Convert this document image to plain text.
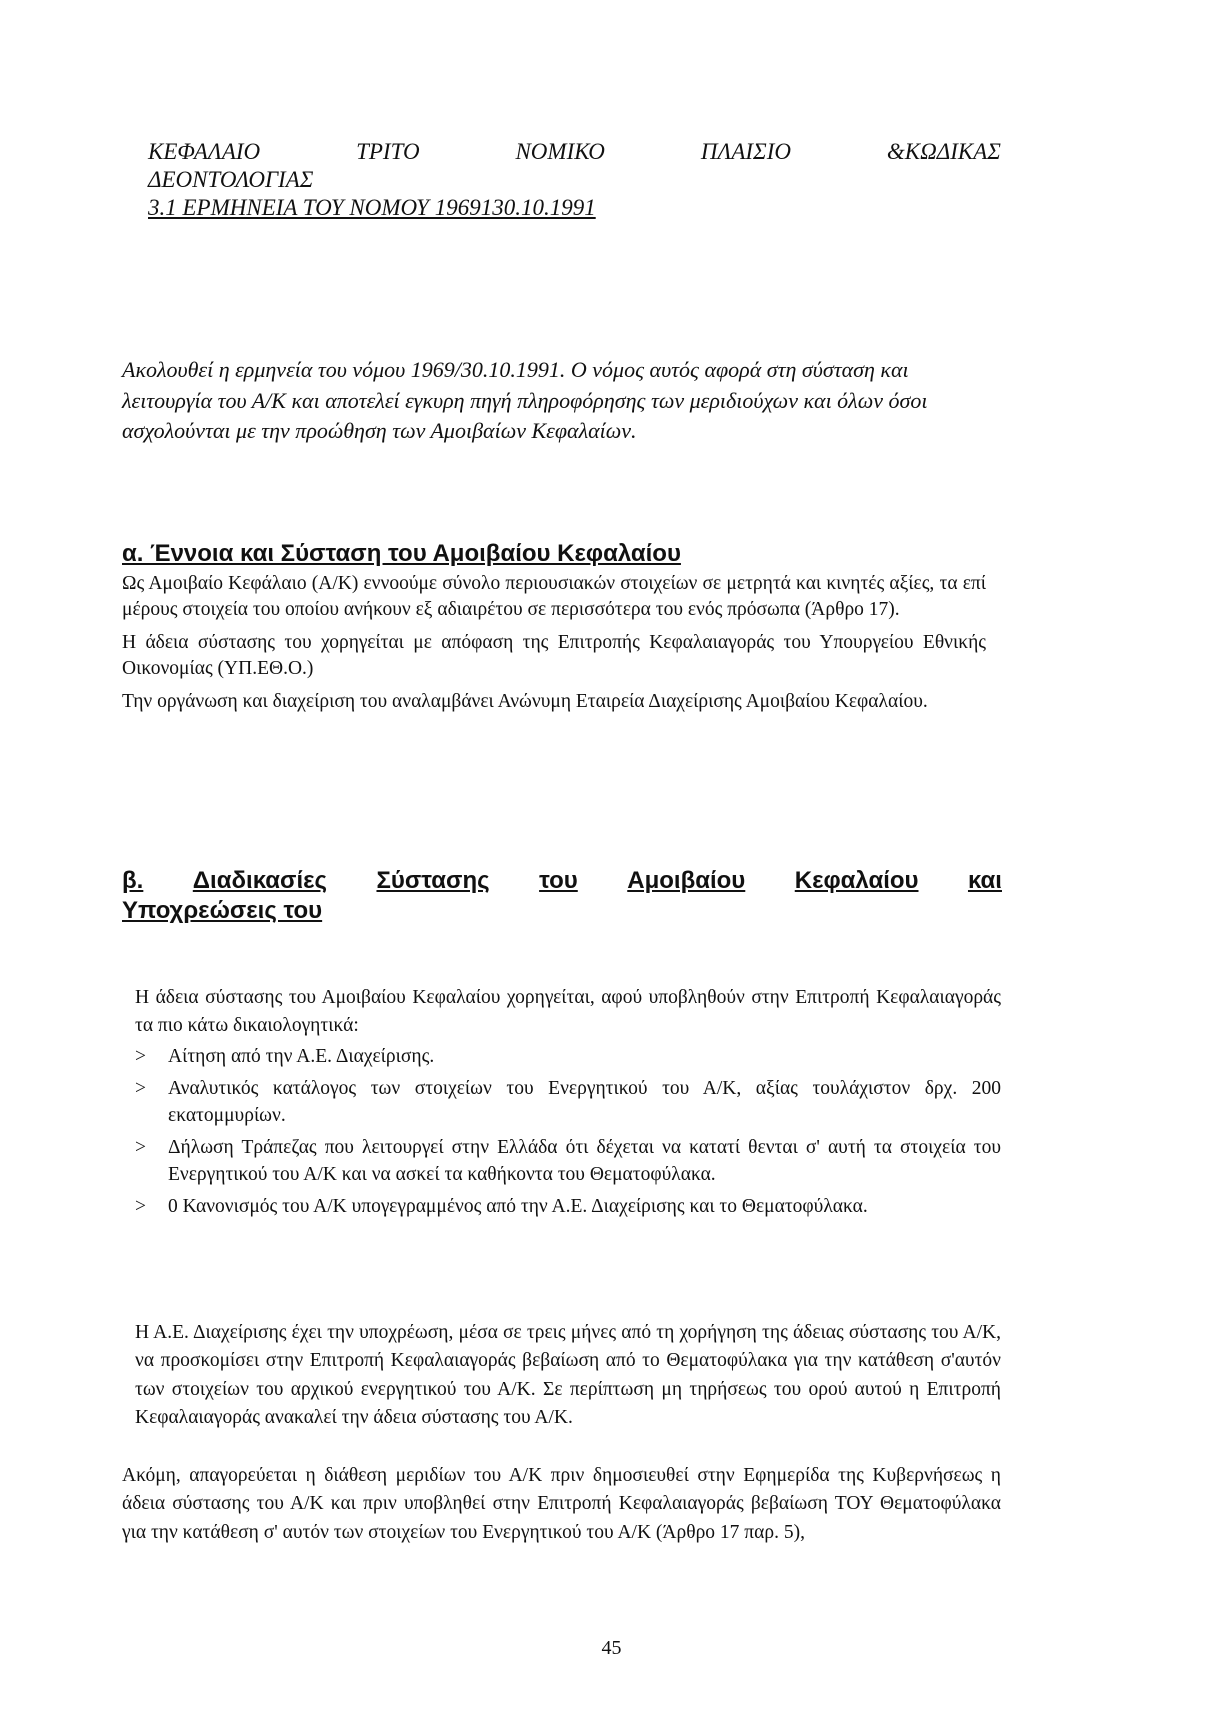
ΚΕΦΑΛΑΙΟ	ΤΡΙΤΟ	ΝΟΜΙΚΟ	ΠΛΑΙΣΙΟ	&ΚΩΔΙΚΑΣ
ΔΕΟΝΤΟΛΟΓΙΑΣ
3.1 ΕΡΜΗΝΕΙΑ ΤΟΥ ΝΟΜΟΥ 1969130.10.1991
Ακολουθεί η ερμηνεία του νόμου 1969/30.10.1991. Ο νόμος αυτός αφορά στη σύσταση και λειτουργία του Α/Κ και αποτελεί εγκυρη πηγή πληροφόρησης των μεριδιούχων και όλων όσοι ασχολούνται με την προώθηση των Αμοιβαίων Κεφαλαίων.
α. Έννοια και Σύσταση του Αμοιβαίου Κεφαλαίου

Ως Αμοιβαίο Κεφάλαιο (Α/Κ) εννοούμε σύνολο περιουσιακών στοιχείων σε μετρητά και κινητές αξίες, τα επί μέρους στοιχεία του οποίου ανήκουν εξ αδιαιρέτου σε περισσότερα του ενός πρόσωπα (Άρθρο 17).

Η άδεια σύστασης του χορηγείται με απόφαση της Επιτροπής Κεφαλαιαγοράς του Υπουργείου Εθνικής Οικονομίας (ΥΠ.ΕΘ.Ο.)

Την οργάνωση και διαχείριση του αναλαμβάνει Ανώνυμη Εταιρεία Διαχείρισης Αμοιβαίου Κεφαλαίου.

β. Διαδικασίες Σύστασης του Αμοιβαίου Κεφαλαίου και
Υποχρεώσεις του

Η άδεια σύστασης του Αμοιβαίου Κεφαλαίου χορηγείται, αφού υποβληθούν στην Επιτροπή Κεφαλαιαγοράς τα πιο κάτω δικαιολογητικά:

>	Αίτηση από την Α.Ε. Διαχείρισης.
>	Αναλυτικός κατάλογος των στοιχείων του Ενεργητικού του Α/Κ, αξίας τουλάχιστον δρχ. 200 εκατομμυρίων.
>	Δήλωση Τράπεζας που λειτουργεί στην Ελλάδα ότι δέχεται να κατατί θενται σ' αυτή τα στοιχεία του Ενεργητικού του Α/Κ και να ασκεί τα καθήκοντα του Θεματοφύλακα.
>	0 Κανονισμός του Α/Κ υπογεγραμμένος από την Α.Ε. Διαχείρισης και το Θεματοφύλακα.
Η Α.Ε. Διαχείρισης έχει την υποχρέωση, μέσα σε τρεις μήνες από τη χορήγηση της άδειας σύστασης του Α/Κ, να προσκομίσει στην Επιτροπή Κεφαλαιαγοράς βεβαίωση από το Θεματοφύλακα για την κατάθεση σ'αυτόν των στοιχείων του αρχικού ενεργητικού του Α/Κ. Σε περίπτωση μη τηρήσεως του ορού αυτού η Επιτροπή Κεφαλαιαγοράς ανακαλεί την άδεια σύστασης του Α/Κ.
Ακόμη, απαγορεύεται η διάθεση μεριδίων του Α/Κ πριν δημοσιευθεί στην Εφημερίδα της Κυβερνήσεως η άδεια σύστασης του Α/Κ και πριν υποβληθεί στην Επιτροπή Κεφαλαιαγοράς βεβαίωση ΤΟΥ Θεματοφύλακα για την κατάθεση σ' αυτόν των στοιχείων του Ενεργητικού του Α/Κ (Άρθρο 17 παρ. 5),
45
